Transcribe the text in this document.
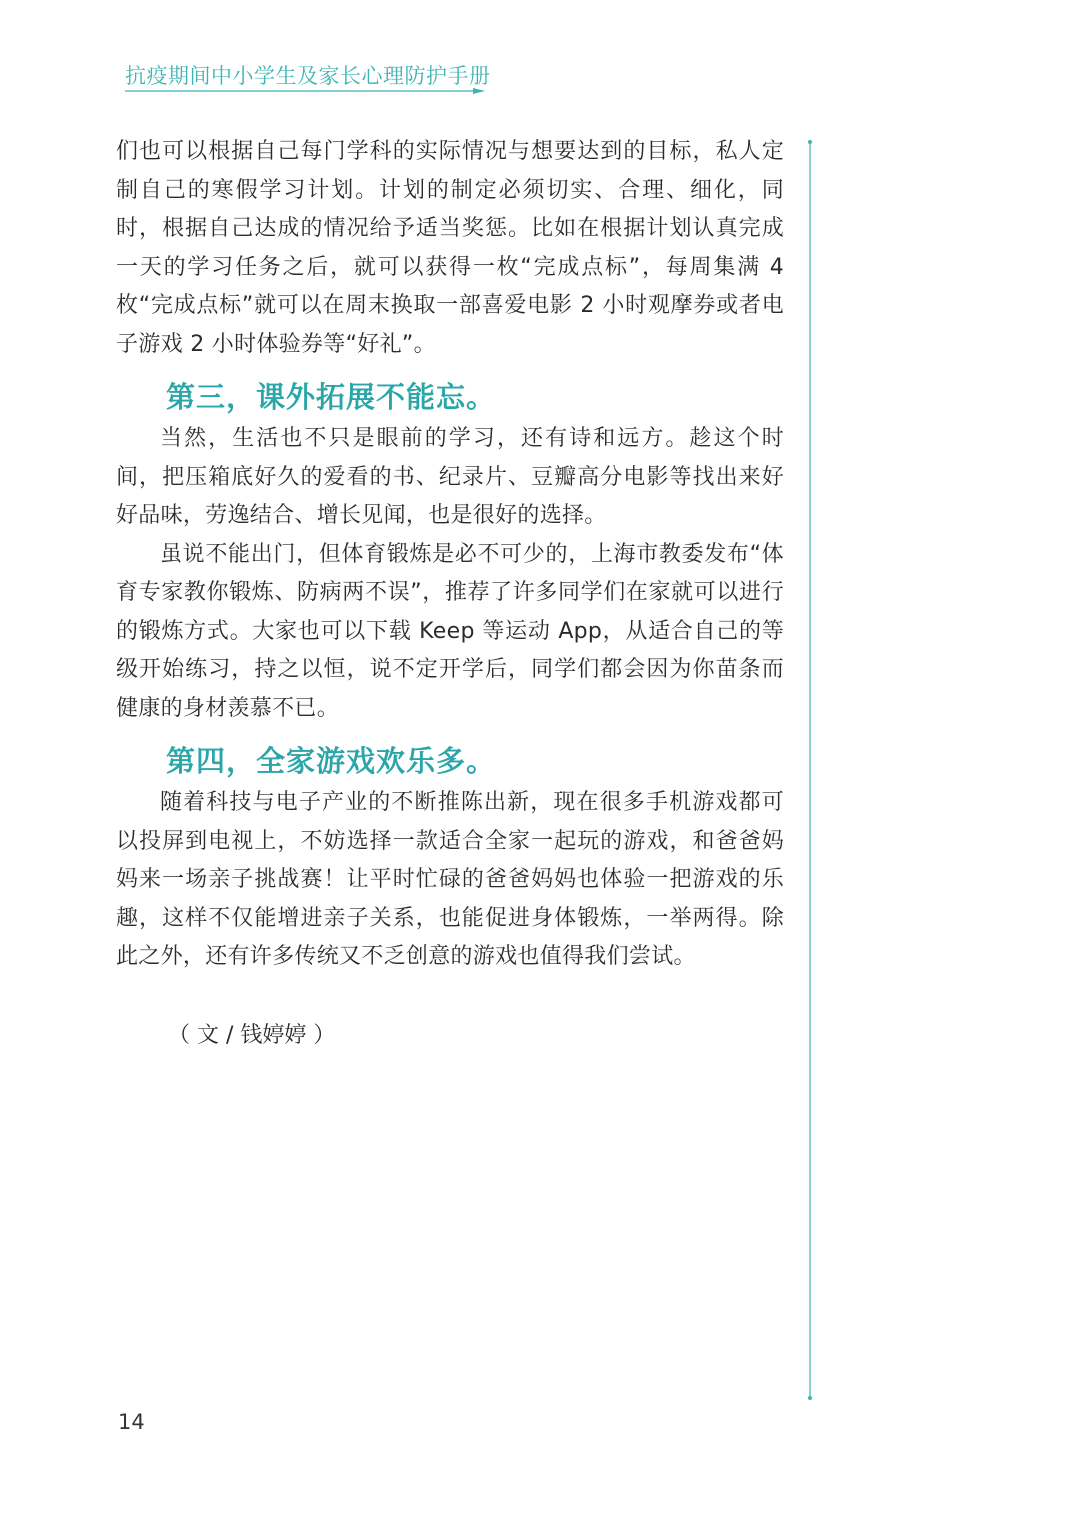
抗疫期间中小学生及家长心理防护手册

们也可以根据自己每门学科的实际情况与想要达到的目标，私人定制自己的寒假学习计划。计划的制定必须切实、合理、细化，同时，根据自己达成的情况给予适当奖惩。比如在根据计划认真完成一天的学习任务之后，就可以获得一枚“完成点标”，每周集满 4 枚“完成点标”就可以在周末换取一部喜爱电影 2 小时观摩券或者电子游戏 2 小时体验券等“好礼”。

第三，课外拓展不能忘。

当然，生活也不只是眼前的学习，还有诗和远方。趁这个时间，把压箱底好久的爱看的书、纪录片、豆瓣高分电影等找出来好好品味，劳逸结合、增长见闻，也是很好的选择。

虽说不能出门，但体育锻炼是必不可少的，上海市教委发布“体育专家教你锻炼、防病两不误”，推荐了许多同学们在家就可以进行的锻炼方式。大家也可以下载 Keep 等运动 App，从适合自己的等级开始练习，持之以恒，说不定开学后，同学们都会因为你苗条而健康的身材羡慕不已。

第四，全家游戏欢乐多。

随着科技与电子产业的不断推陈出新，现在很多手机游戏都可以投屏到电视上，不妨选择一款适合全家一起玩的游戏，和爸爸妈妈来一场亲子挑战赛！让平时忙碌的爸爸妈妈也体验一把游戏的乐趣，这样不仅能增进亲子关系，也能促进身体锻炼，一举两得。除此之外，还有许多传统又不乏创意的游戏也值得我们尝试。

（ 文 / 钱婷婷 ）

14
